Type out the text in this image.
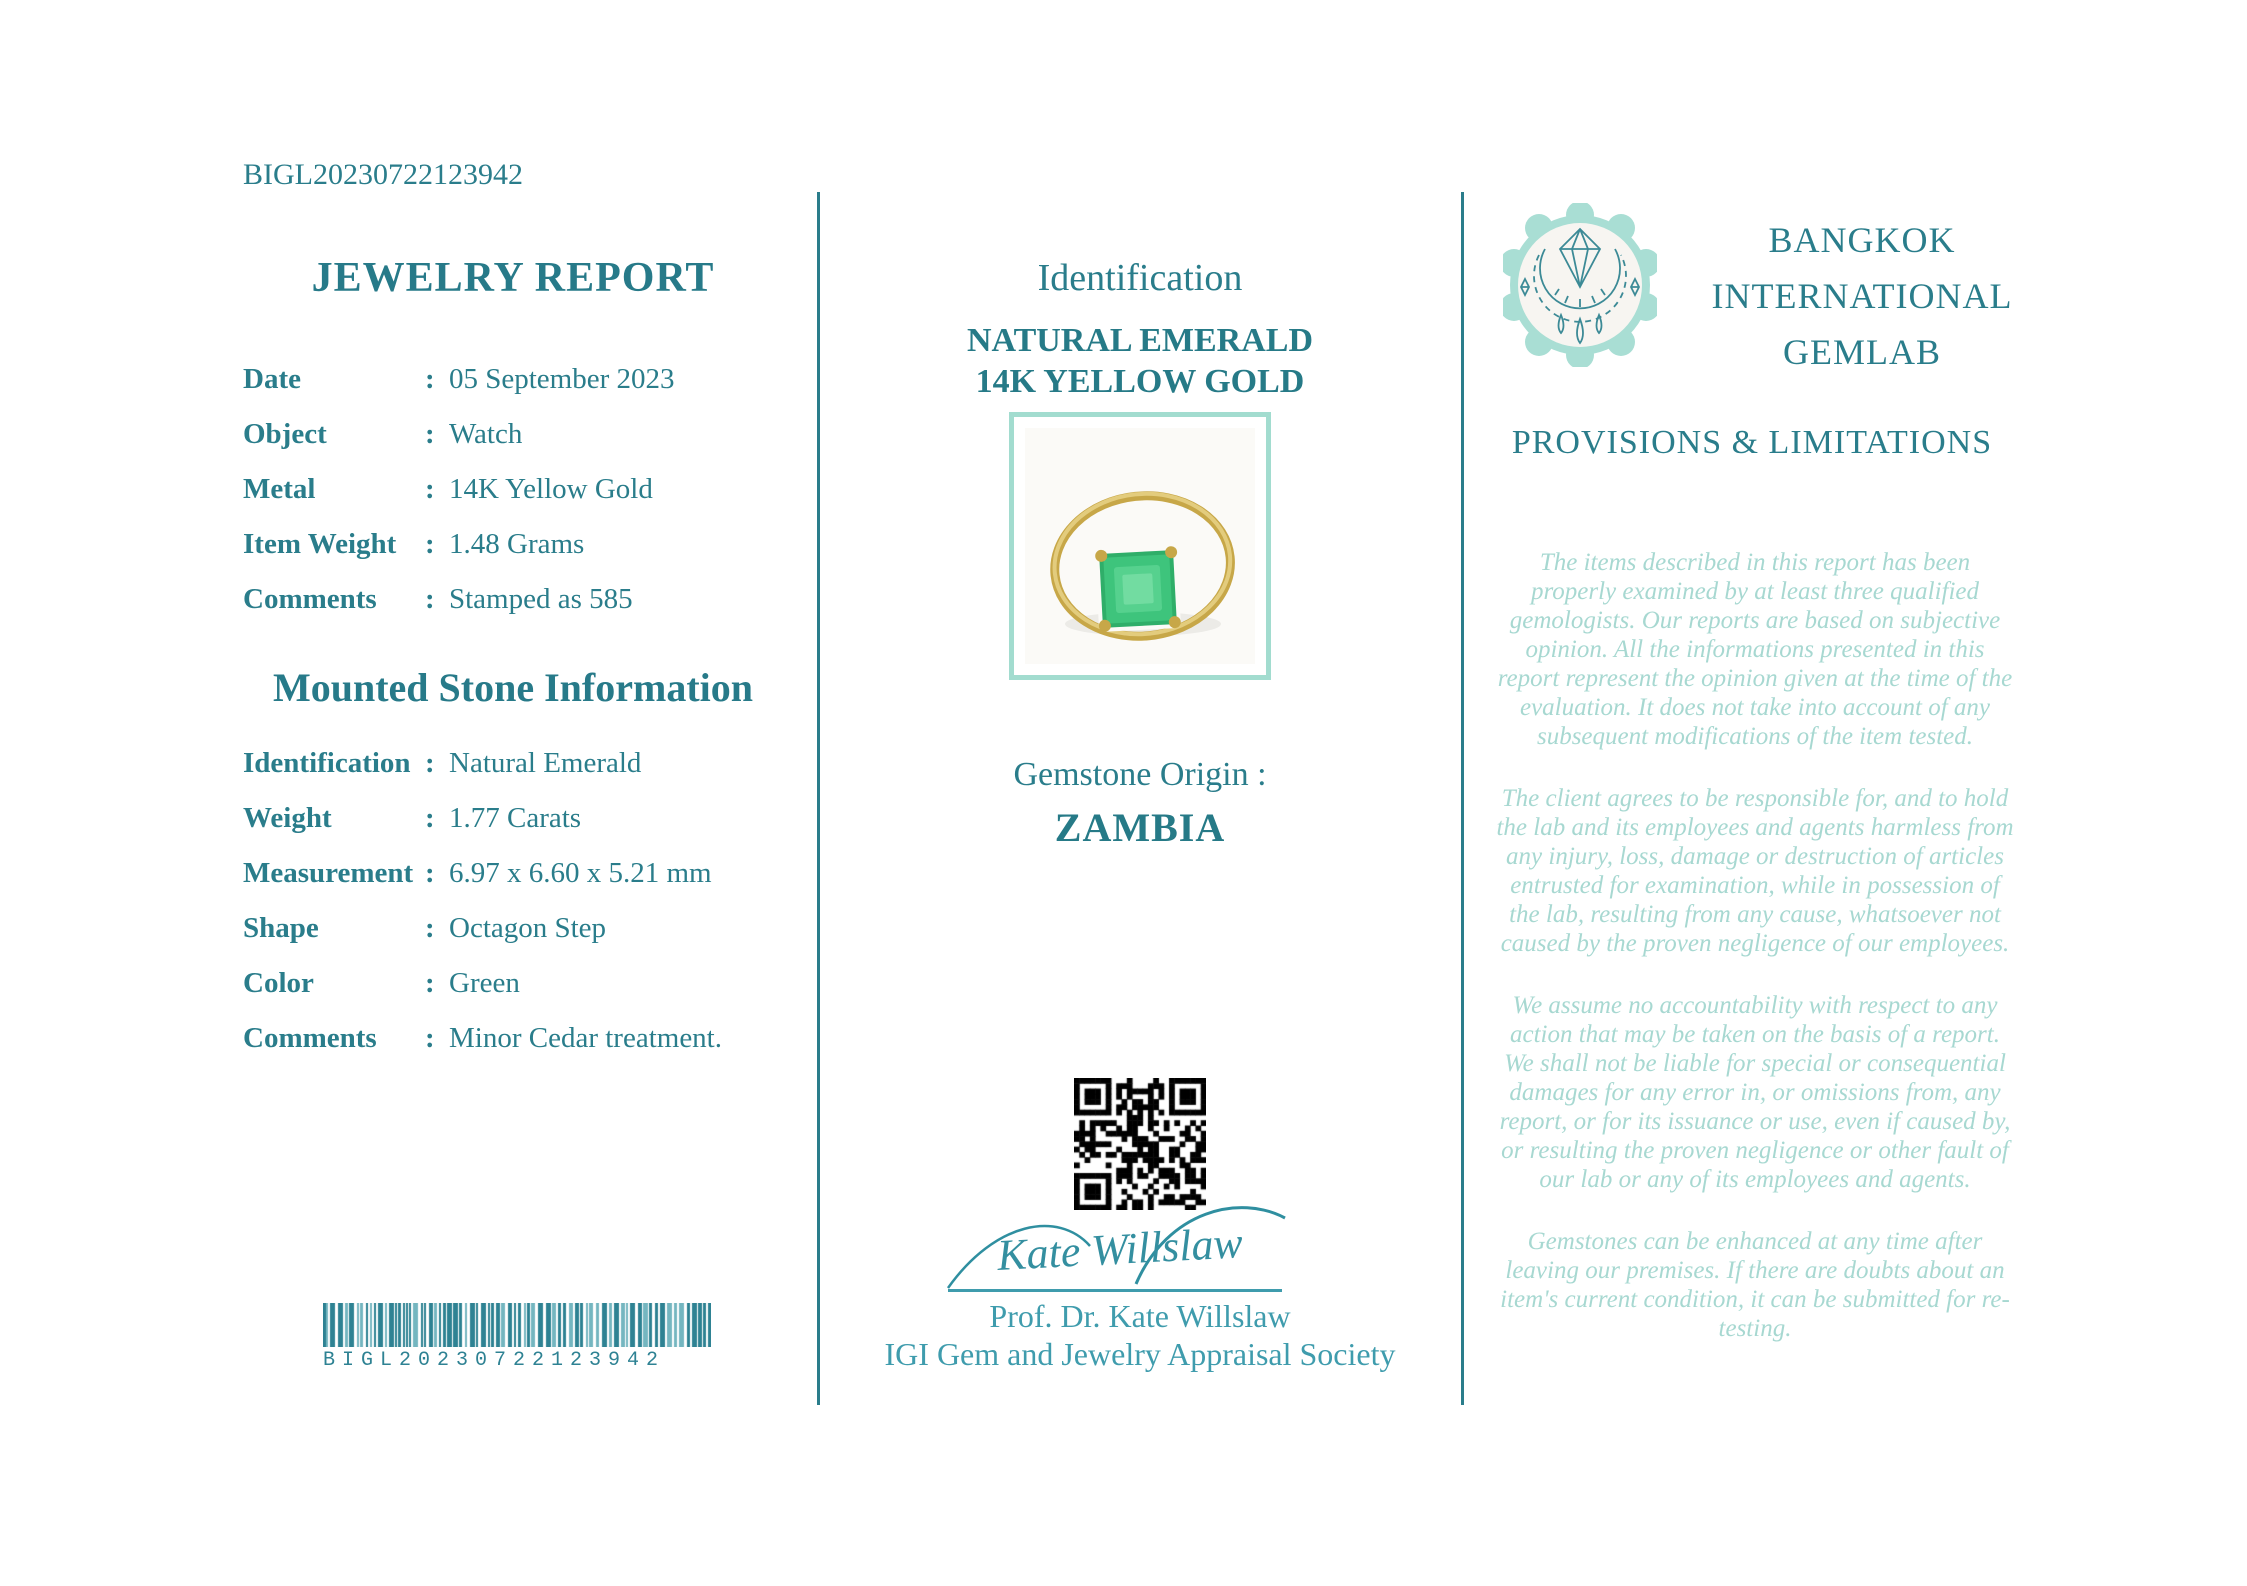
BIGL20230722123942
JEWELRY REPORT
Date	: 05 September 2023
Object	: Watch
Metal	: 14K Yellow Gold
Item Weight : 1.48 Grams
Comments	: Stamped as 585
Mounted Stone Information
Identification : Natural Emerald
Weight	: 1.77 Carats
Measurement : 6.97 x 6.60 x 5.21 mm
Shape	: Octagon Step
Color	: Green
Comments	: Minor Cedar treatment.
BIGL20230722123942
Identification
NATURAL EMERALD
14K YELLOW GOLD
Gemstone Origin :
ZAMBIA
Kate Willslaw
Prof. Dr. Kate Willslaw
IGI Gem and Jewelry Appraisal Society
BANGKOK
INTERNATIONAL
GEMLAB
PROVISIONS & LIMITATIONS

The items described in this report has been properly examined by at least three qualified gemologists. Our reports are based on subjective opinion. All the informations presented in this report represent the opinion given at the time of the evaluation. It does not take into account of any subsequent modifications of the item tested.

The client agrees to be responsible for, and to hold the lab and its employees and agents harmless from any injury, loss, damage or destruction of articles entrusted for examination, while in possession of the lab, resulting from any cause, whatsoever not caused by the proven negligence of our employees.

We assume no accountability with respect to any action that may be taken on the basis of a report. We shall not be liable for special or consequential damages for any error in, or omissions from, any report, or for its issuance or use, even if caused by, or resulting the proven negligence or other fault of our lab or any of its employees and agents.

Gemstones can be enhanced at any time after leaving our premises. If there are doubts about an item's current condition, it can be submitted for re-testing.
